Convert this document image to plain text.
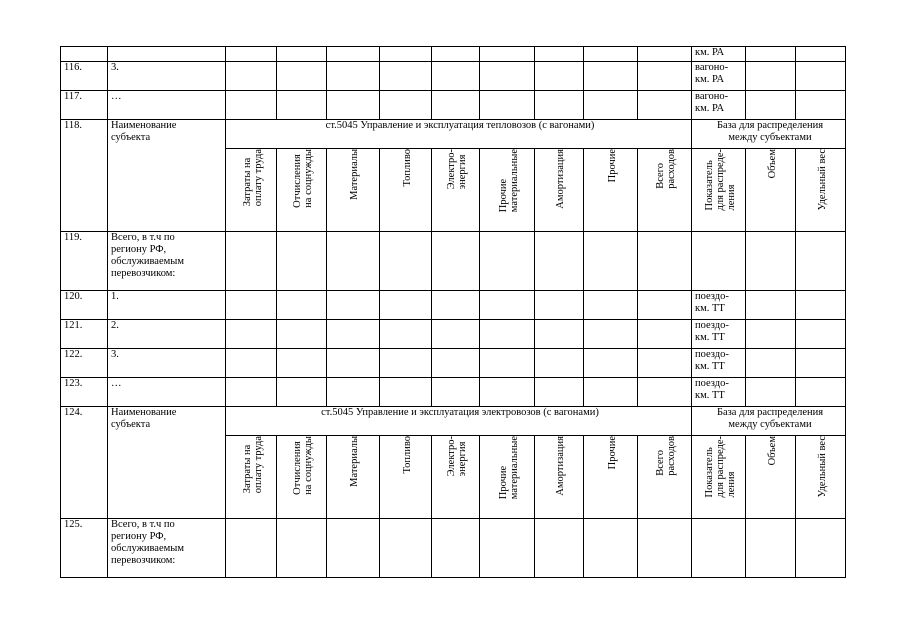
											км. РА		
116.	3.										вагоно-
км. РА		
117.	…										вагоно-
км. РА		
118.	Наименование
субъекта	ст.5045 Управление и эксплуатация тепловозов (с вагонами)									База для распределения
между субъектами		

		Затраты на
оплату труда	Отчисления
на соцнужды	Материалы	Топливо	Электро-
энергия	Прочие
материальные	Амортизация	Прочие	Всего
расходов	Показатель
для распреде-
ления	Объем	Удельный вес

119.	Всего, в т.ч по
региону РФ,
обслуживаемым
перевозчиком:												
120.	1.										поездо-
км. ТТ		
121.	2.										поездо-
км. ТТ		
122.	3.										поездо-
км. ТТ		
123.	…										поездо-
км. ТТ		
124.	Наименование
субъекта	ст.5045 Управление и эксплуатация электровозов (с вагонами)									База для распределения
между субъектами		

		Затраты на
оплату труда	Отчисления
на соцнужды	Материалы	Топливо	Электро-
энергия	Прочие
материальные	Амортизация	Прочие	Всего
расходов	Показатель
для распреде-
ления	Объем	Удельный вес

125.	Всего, в т.ч по
региону РФ,
обслуживаемым
перевозчиком:												
